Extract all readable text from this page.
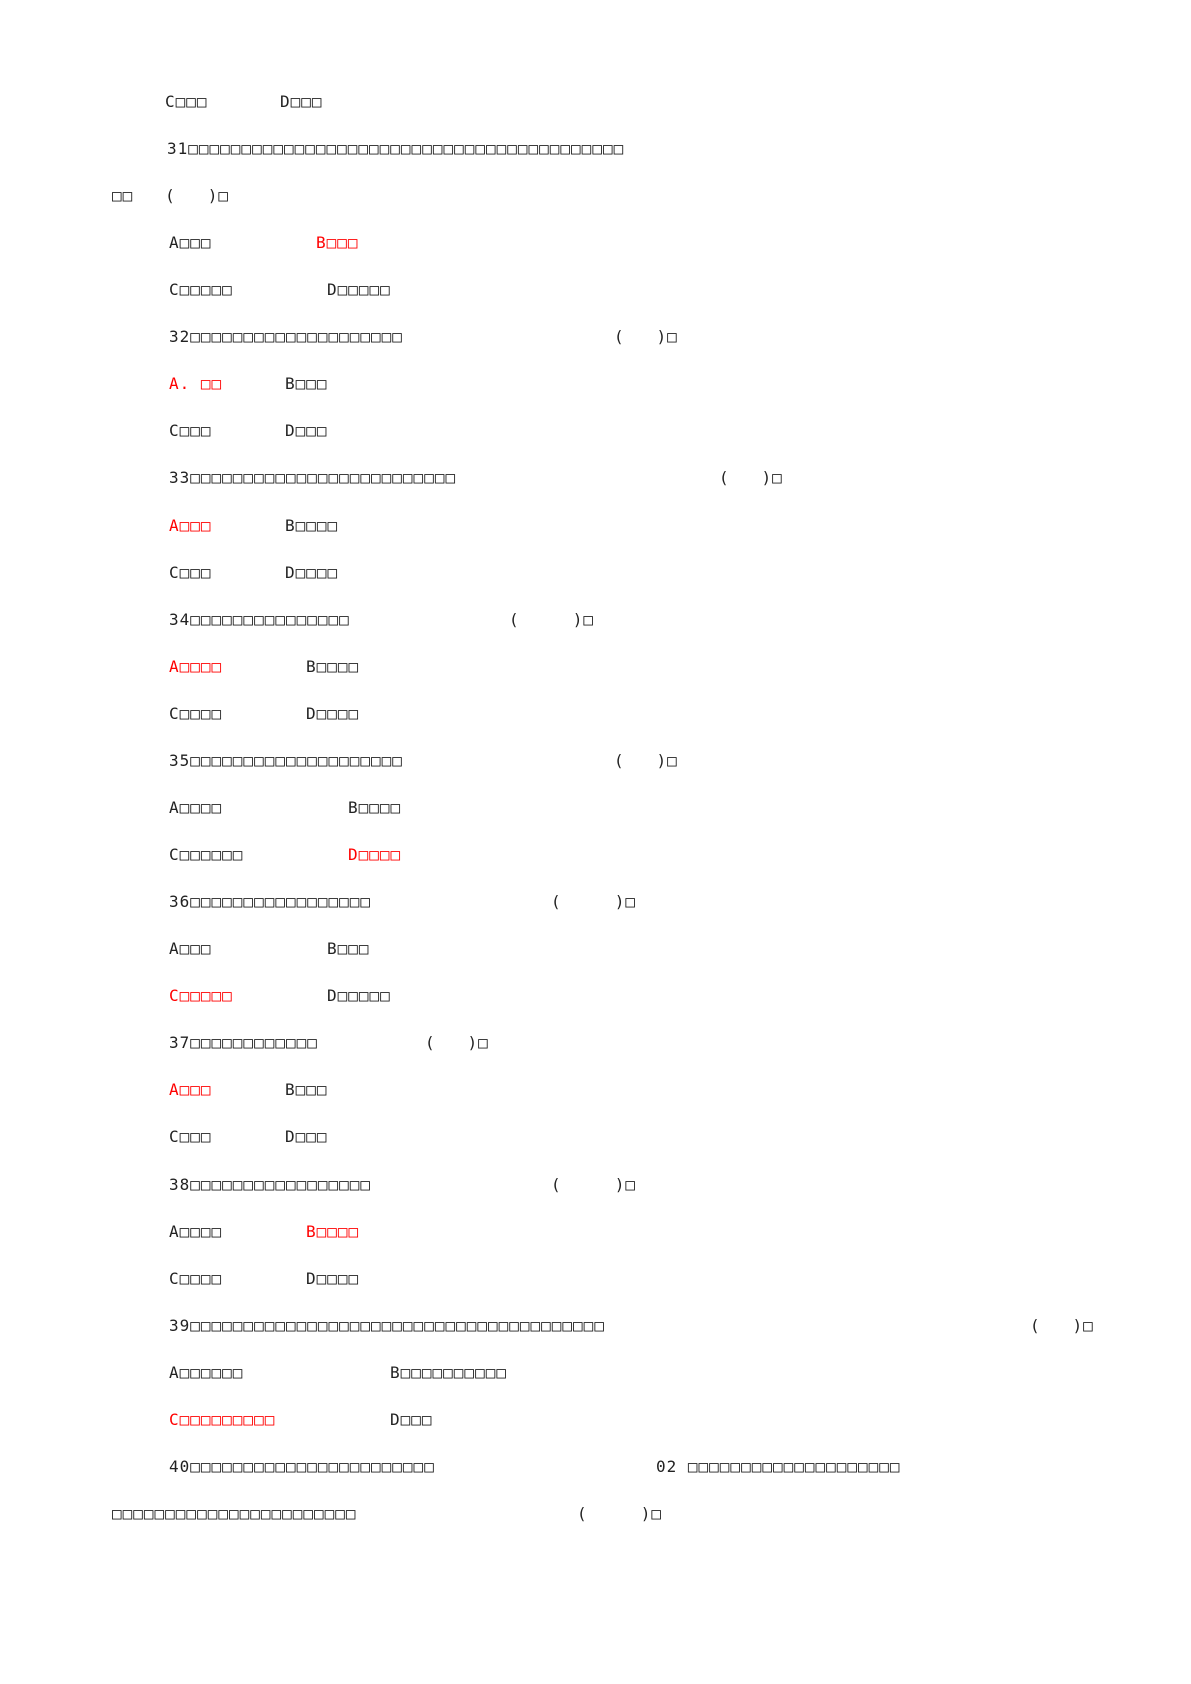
C□□□

	D□□□

31□□□□□□□□□□□□□□□□□□□□□□□□□□□□□□□□□□□□□□□□□

□□   (   )□

A□□□

	B□□□

C□□□□□

	D□□□□□

32□□□□□□□□□□□□□□□□□□□□

	(   )□

A. □□

	B□□□

C□□□

	D□□□

33□□□□□□□□□□□□□□□□□□□□□□□□□

	(   )□

A□□□

	B□□□□

C□□□

	D□□□□

34□□□□□□□□□□□□□□□

	(     )□

A□□□□

	B□□□□

C□□□□

	D□□□□

35□□□□□□□□□□□□□□□□□□□□

	(   )□

A□□□□

	B□□□□

C□□□□□□

	D□□□□

36□□□□□□□□□□□□□□□□□

	(     )□

A□□□

	B□□□

C□□□□□

	D□□□□□

37□□□□□□□□□□□□

	(   )□

A□□□

	B□□□

C□□□

	D□□□

38□□□□□□□□□□□□□□□□□

	(     )□

A□□□□

	B□□□□

C□□□□

	D□□□□

39□□□□□□□□□□□□□□□□□□□□□□□□□□□□□□□□□□□□□□□

	(   )□

A□□□□□□

	B□□□□□□□□□□

C□□□□□□□□□

	D□□□

40□□□□□□□□□□□□□□□□□□□□□□□

	02 □□□□□□□□□□□□□□□□□□□□

□□□□□□□□□□□□□□□□□□□□□□□

	(     )□
